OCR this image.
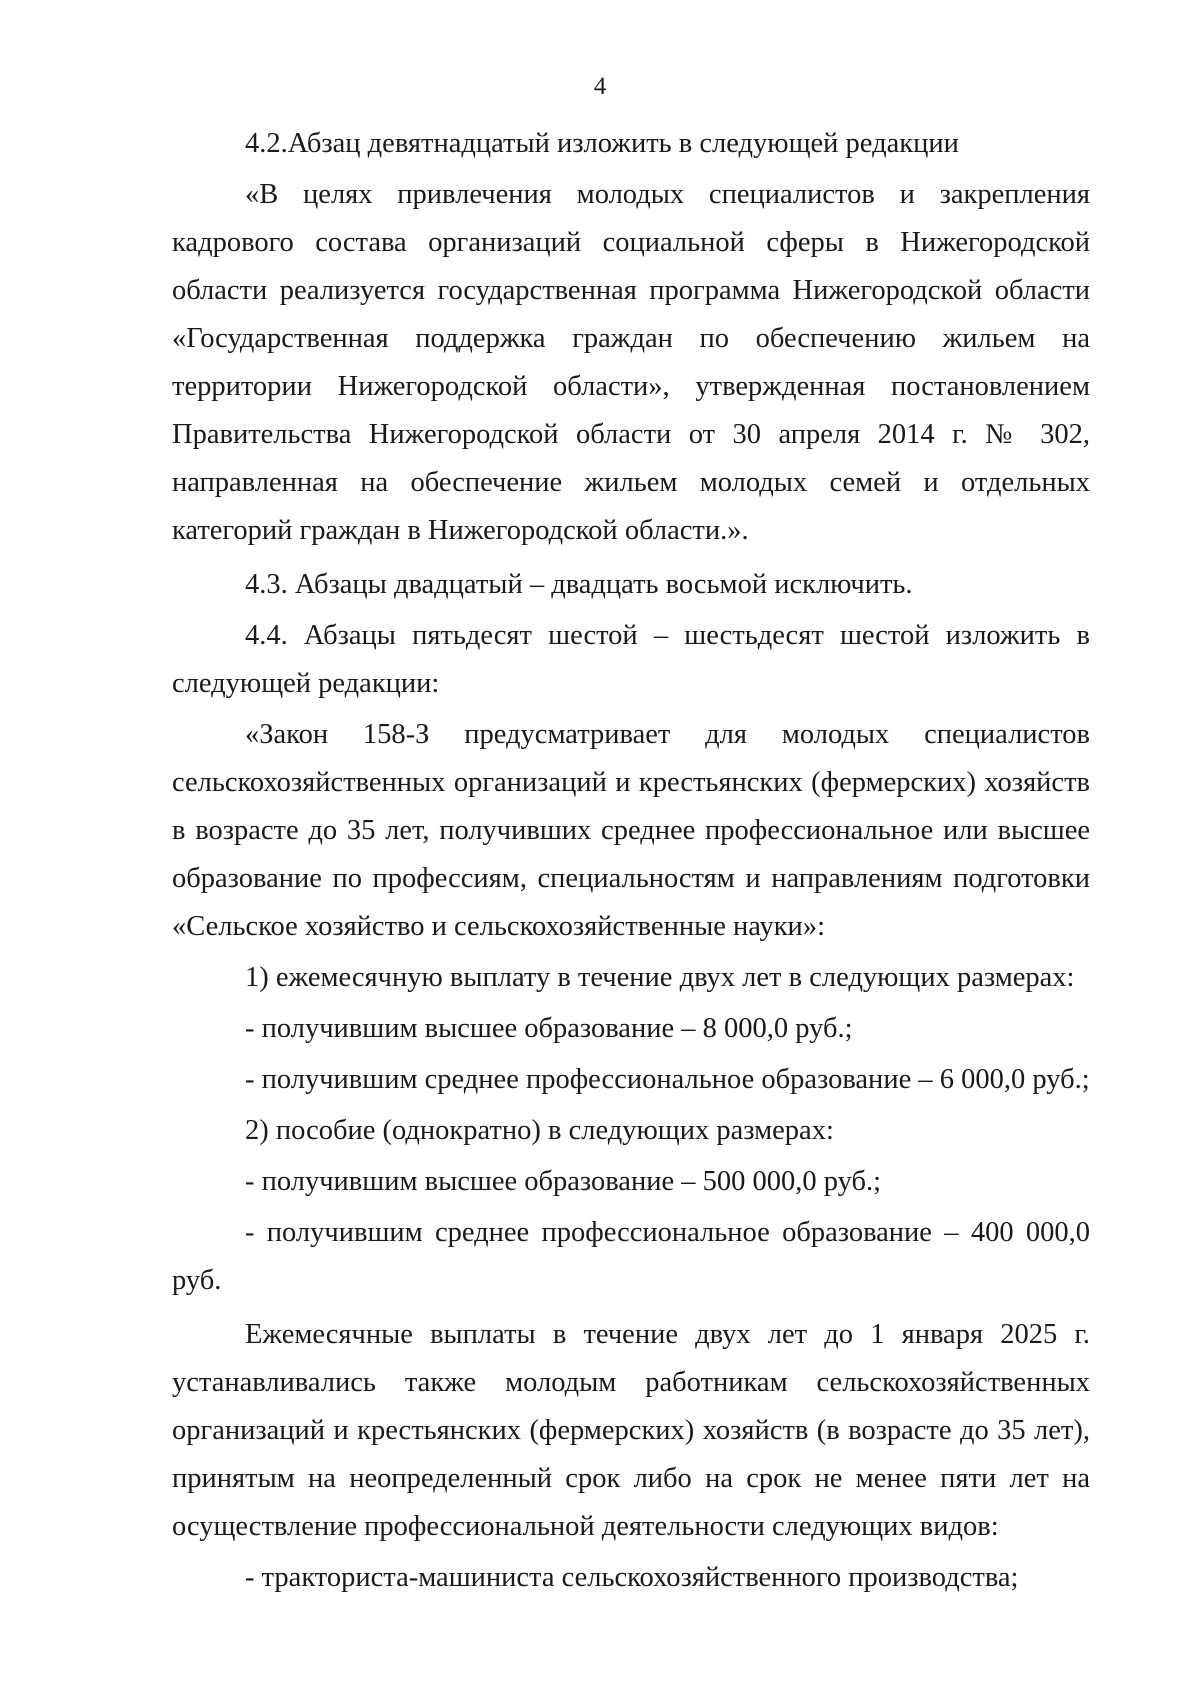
4

4.2.Абзац девятнадцатый изложить в следующей редакции

«В целях привлечения молодых специалистов и закрепления кадрового состава организаций социальной сферы в Нижегородской области реализуется государственная программа Нижегородской области «Государственная поддержка граждан по обеспечению жильем на территории Нижегородской области», утвержденная постановлением Правительства Нижегородской области от 30 апреля 2014 г. № 302, направленная на обеспечение жильем молодых семей и отдельных категорий граждан в Нижегородской области.».

4.3. Абзацы двадцатый – двадцать восьмой исключить.

4.4. Абзацы пятьдесят шестой – шестьдесят шестой изложить в следующей редакции:

«Закон 158-З предусматривает для молодых специалистов сельскохозяйственных организаций и крестьянских (фермерских) хозяйств в возрасте до 35 лет, получивших среднее профессиональное или высшее образование по профессиям, специальностям и направлениям подготовки «Сельское хозяйство и сельскохозяйственные науки»:

1) ежемесячную выплату в течение двух лет в следующих размерах:

- получившим высшее образование – 8 000,0 руб.;

- получившим среднее профессиональное образование – 6 000,0 руб.;

2) пособие (однократно) в следующих размерах:

- получившим высшее образование – 500 000,0 руб.;

- получившим среднее профессиональное образование – 400 000,0 руб.

Ежемесячные выплаты в течение двух лет до 1 января 2025 г. устанавливались также молодым работникам сельскохозяйственных организаций и крестьянских (фермерских) хозяйств (в возрасте до 35 лет), принятым на неопределенный срок либо на срок не менее пяти лет на осуществление профессиональной деятельности следующих видов:

- тракториста-машиниста сельскохозяйственного производства;
